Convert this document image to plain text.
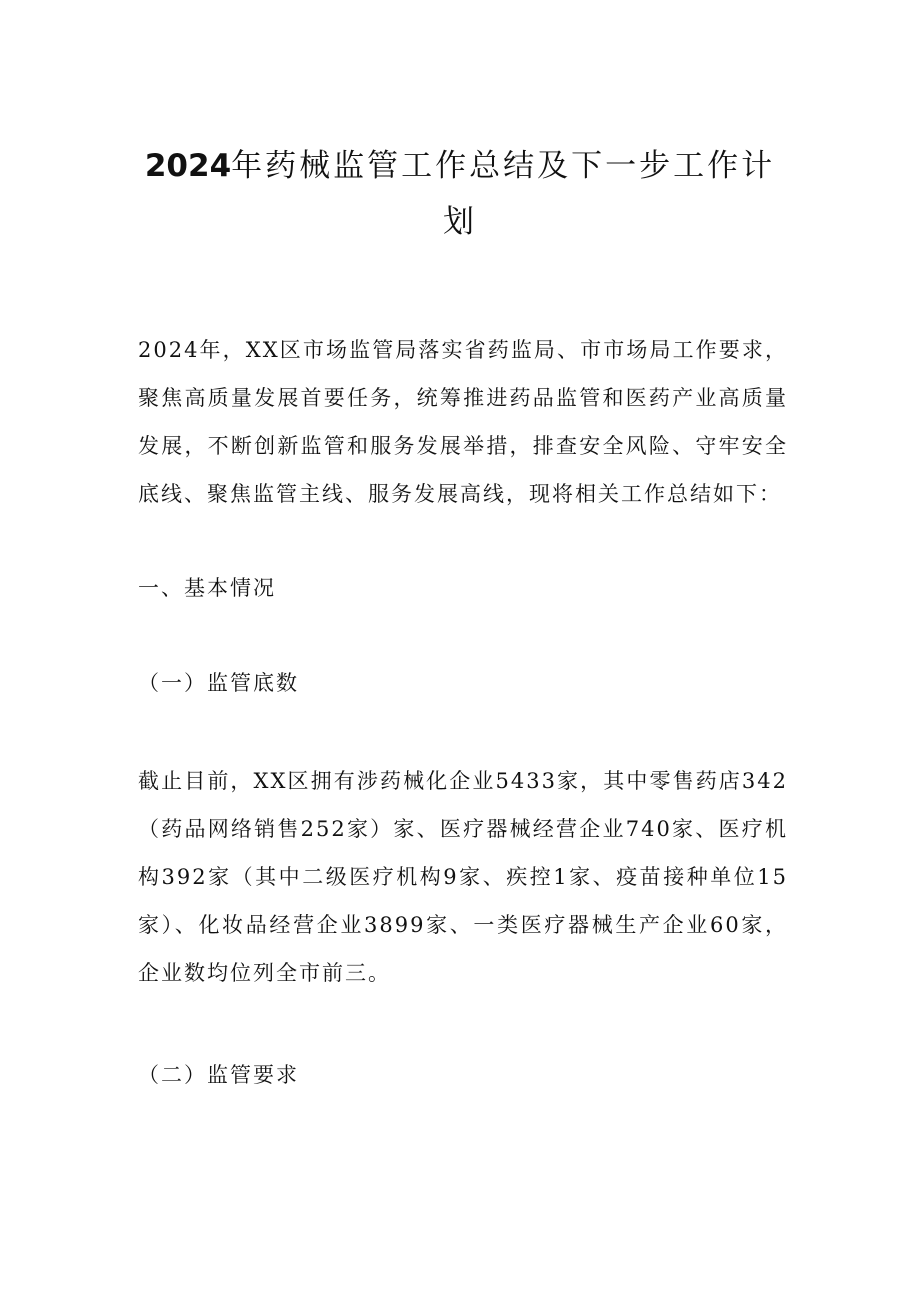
2024年药械监管工作总结及下一步工作计划

2024年，XX区市场监管局落实省药监局、市市场局工作要求，聚焦高质量发展首要任务，统筹推进药品监管和医药产业高质量发展，不断创新监管和服务发展举措，排查安全风险、守牢安全底线、聚焦监管主线、服务发展高线，现将相关工作总结如下：

一、基本情况

（一）监管底数

截止目前，XX区拥有涉药械化企业5433家，其中零售药店342（药品网络销售252家）家、医疗器械经营企业740家、医疗机构392家（其中二级医疗机构9家、疾控1家、疫苗接种单位15家）、化妆品经营企业3899家、一类医疗器械生产企业60家，企业数均位列全市前三。

（二）监管要求
